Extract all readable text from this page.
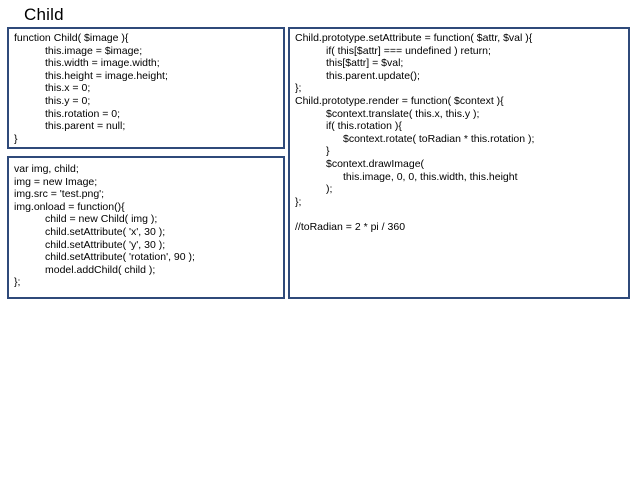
Child
function Child( $image ){
this.image = $image;
this.width = image.width;
this.height = image.height;
this.x = 0;
this.y = 0;
this.rotation = 0;
this.parent = null;
}
var img, child;
img = new Image;
img.src = 'test.png';
img.onload = function(){
child = new Child( img );
child.setAttribute( 'x', 30 );
child.setAttribute( 'y', 30 );
child.setAttribute( 'rotation', 90 );
model.addChild( child );
};
Child.prototype.setAttribute = function( $attr, $val ){
if( this[$attr] === undefined ) return;
this[$attr] = $val;
this.parent.update();
};
Child.prototype.render = function( $context ){
$context.translate( this.x, this.y );
if( this.rotation ){
$context.rotate( toRadian * this.rotation );
}
$context.drawImage(
this.image, 0, 0, this.width, this.height
);
};
//toRadian = 2 * pi / 360
